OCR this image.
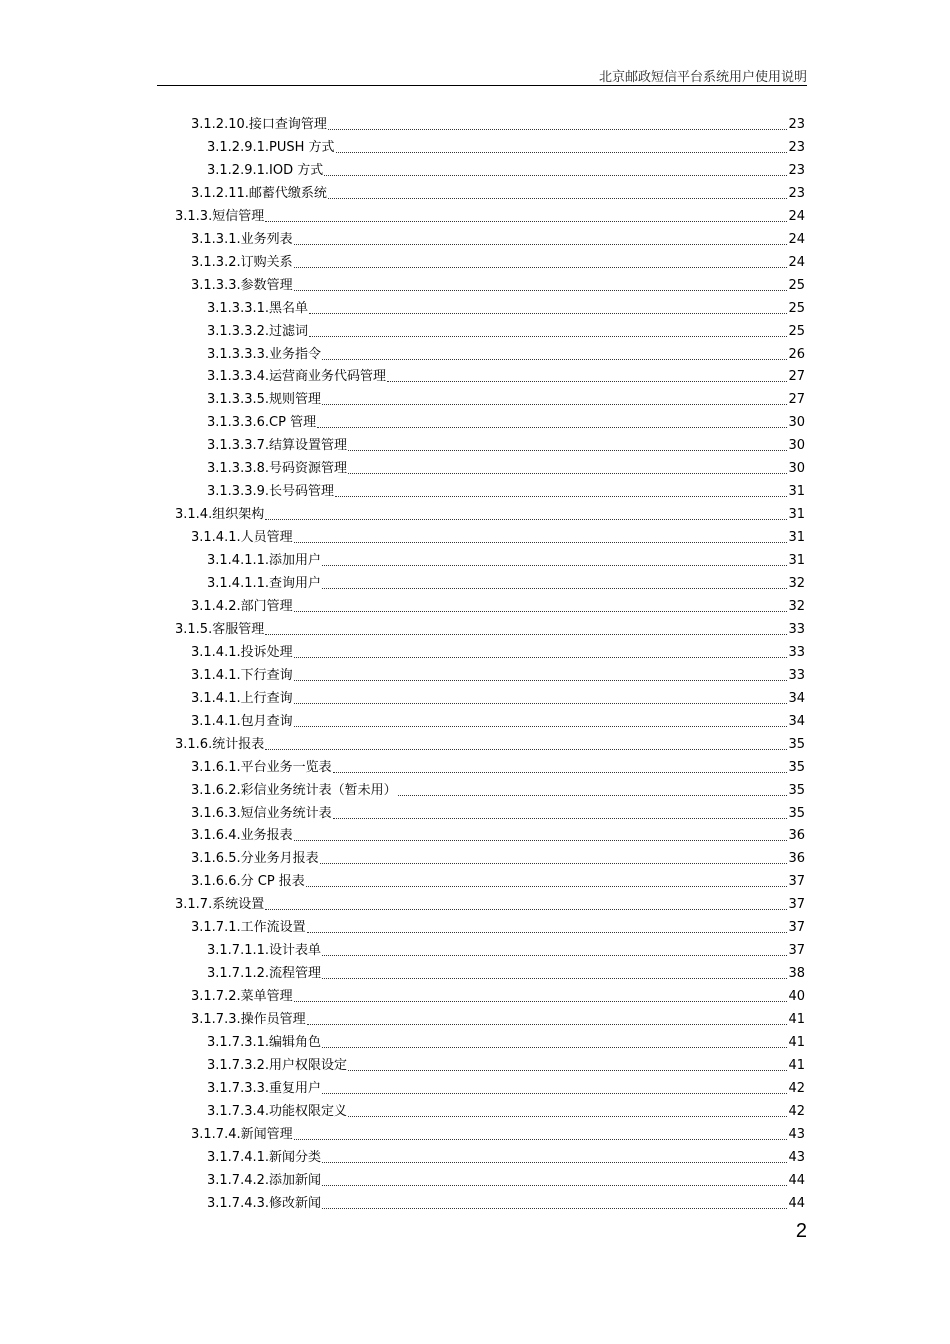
北京邮政短信平台系统用户使用说明
3.1.2.10.接口查询管理	23
3.1.2.9.1.PUSH 方式	23
3.1.2.9.1.IOD 方式	23
3.1.2.11.邮蓄代缴系统	23
3.1.3.短信管理	24
3.1.3.1.业务列表	24
3.1.3.2.订购关系	24
3.1.3.3.参数管理	25
3.1.3.3.1.黑名单	25
3.1.3.3.2.过滤词	25
3.1.3.3.3.业务指令	26
3.1.3.3.4.运营商业务代码管理	27
3.1.3.3.5.规则管理	27
3.1.3.3.6.CP 管理	30
3.1.3.3.7.结算设置管理	30
3.1.3.3.8.号码资源管理	30
3.1.3.3.9.长号码管理	31
3.1.4.组织架构	31
3.1.4.1.人员管理	31
3.1.4.1.1.添加用户	31
3.1.4.1.1.查询用户	32
3.1.4.2.部门管理	32
3.1.5.客服管理	33
3.1.4.1.投诉处理	33
3.1.4.1.下行查询	33
3.1.4.1.上行查询	34
3.1.4.1.包月查询	34
3.1.6.统计报表	35
3.1.6.1.平台业务一览表	35
3.1.6.2.彩信业务统计表（暂未用）	35
3.1.6.3.短信业务统计表	35
3.1.6.4.业务报表	36
3.1.6.5.分业务月报表	36
3.1.6.6.分 CP 报表	37
3.1.7.系统设置	37
3.1.7.1.工作流设置	37
3.1.7.1.1.设计表单	37
3.1.7.1.2.流程管理	38
3.1.7.2.菜单管理	40
3.1.7.3.操作员管理	41
3.1.7.3.1.编辑角色	41
3.1.7.3.2.用户权限设定	41
3.1.7.3.3.重复用户	42
3.1.7.3.4.功能权限定义	42
3.1.7.4.新闻管理	43
3.1.7.4.1.新闻分类	43
3.1.7.4.2.添加新闻	44
3.1.7.4.3.修改新闻	44
2
